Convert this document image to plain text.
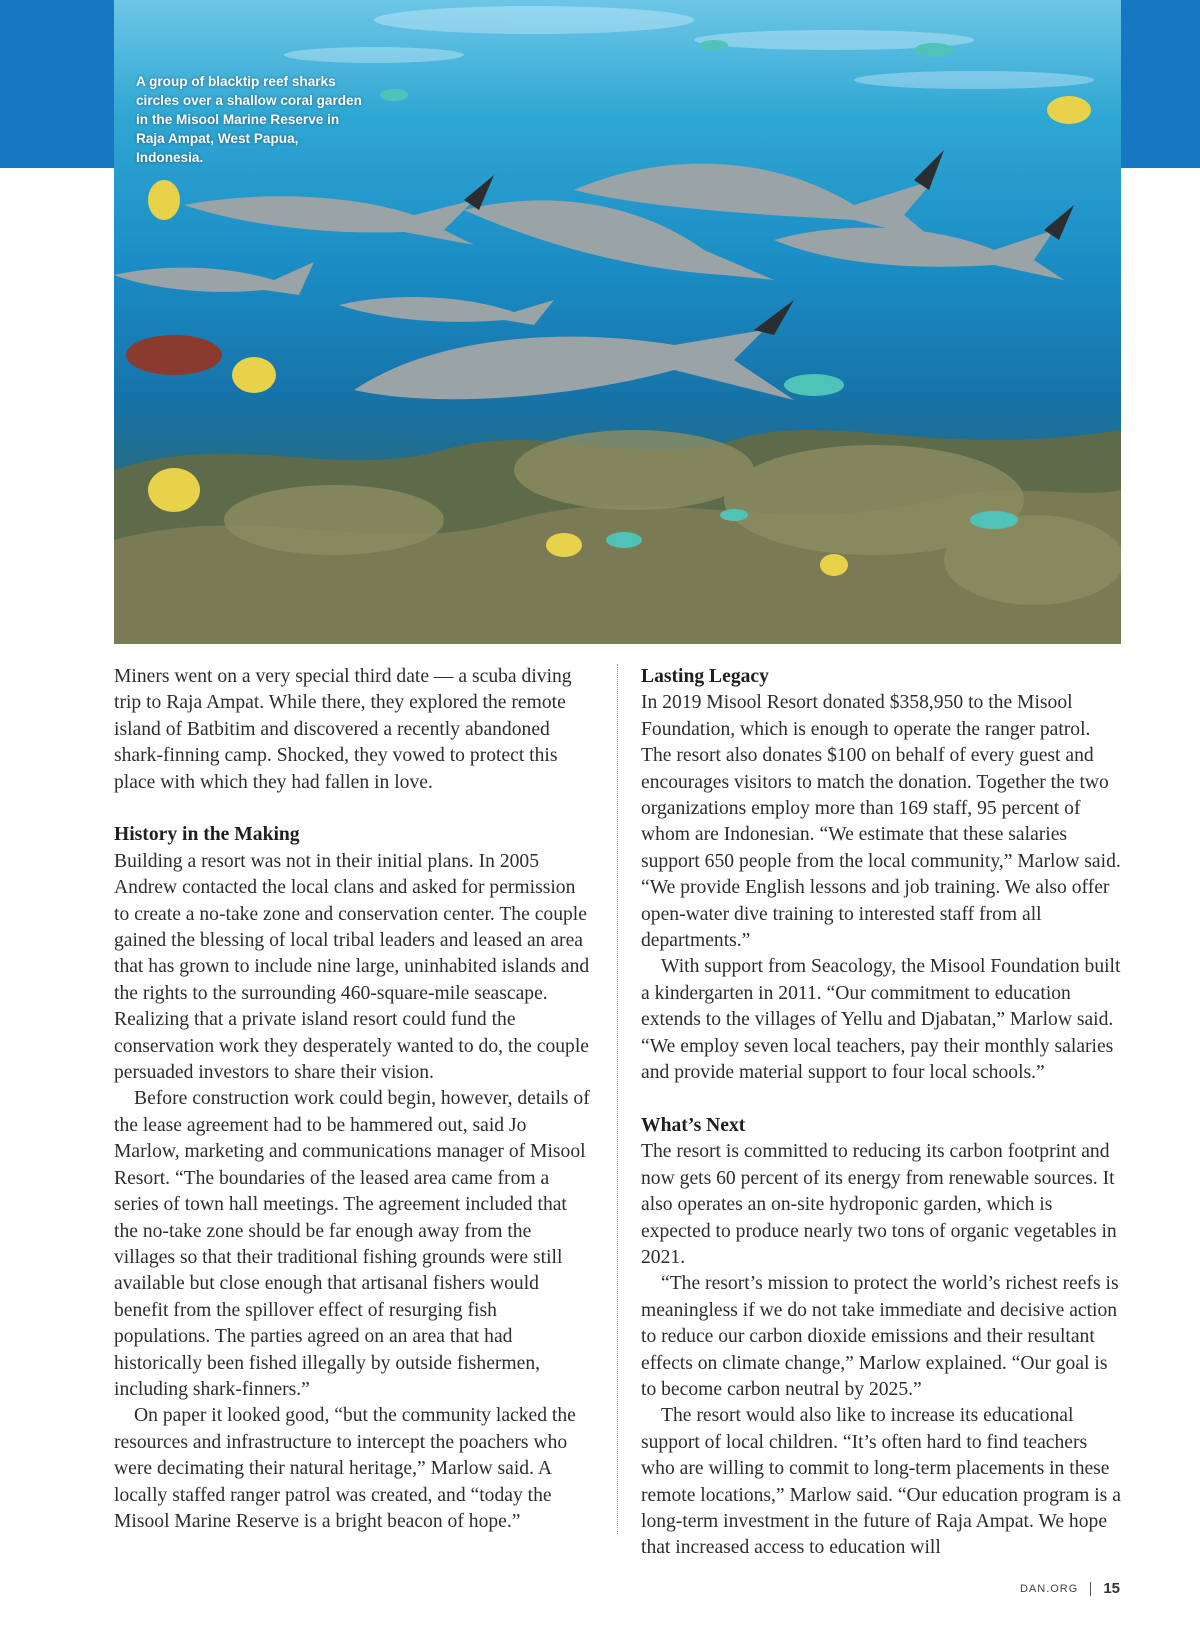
A group of blacktip reef sharks circles over a shallow coral garden in the Misool Marine Reserve in Raja Ampat, West Papua, Indonesia.
ALEX MUSTARD

Miners went on a very special third date — a scuba diving trip to Raja Ampat. While there, they explored the remote island of Batbitim and discovered a recently abandoned shark-finning camp. Shocked, they vowed to protect this place with which they had fallen in love.

History in the Making

Building a resort was not in their initial plans. In 2005 Andrew contacted the local clans and asked for permission to create a no-take zone and conservation center. The couple gained the blessing of local tribal leaders and leased an area that has grown to include nine large, uninhabited islands and the rights to the surrounding 460-square-mile seascape. Realizing that a private island resort could fund the conservation work they desperately wanted to do, the couple persuaded investors to share their vision.

Before construction work could begin, however, details of the lease agreement had to be hammered out, said Jo Marlow, marketing and communications manager of Misool Resort. “The boundaries of the leased area came from a series of town hall meetings. The agreement included that the no-take zone should be far enough away from the villages so that their traditional fishing grounds were still available but close enough that artisanal fishers would benefit from the spillover effect of resurging fish populations. The parties agreed on an area that had historically been fished illegally by outside fishermen, including shark-finners.”

On paper it looked good, “but the community lacked the resources and infrastructure to intercept the poachers who were decimating their natural heritage,” Marlow said. A locally staffed ranger patrol was created, and “today the Misool Marine Reserve is a bright beacon of hope.”

Lasting Legacy

In 2019 Misool Resort donated $358,950 to the Misool Foundation, which is enough to operate the ranger patrol. The resort also donates $100 on behalf of every guest and encourages visitors to match the donation. Together the two organizations employ more than 169 staff, 95 percent of whom are Indonesian. “We estimate that these salaries support 650 people from the local community,” Marlow said. “We provide English lessons and job training. We also offer open-water dive training to interested staff from all departments.”

With support from Seacology, the Misool Foundation built a kindergarten in 2011. “Our commitment to education extends to the villages of Yellu and Djabatan,” Marlow said. “We employ seven local teachers, pay their monthly salaries and provide material support to four local schools.”

What’s Next

The resort is committed to reducing its carbon footprint and now gets 60 percent of its energy from renewable sources. It also operates an on-site hydroponic garden, which is expected to produce nearly two tons of organic vegetables in 2021.

“The resort’s mission to protect the world’s richest reefs is meaningless if we do not take immediate and decisive action to reduce our carbon dioxide emissions and their resultant effects on climate change,” Marlow explained. “Our goal is to become carbon neutral by 2025.”

The resort would also like to increase its educational support of local children. “It’s often hard to find teachers who are willing to commit to long-term placements in these remote locations,” Marlow said. “Our education program is a long-term investment in the future of Raja Ampat. We hope that increased access to education will

DAN.ORG 15
